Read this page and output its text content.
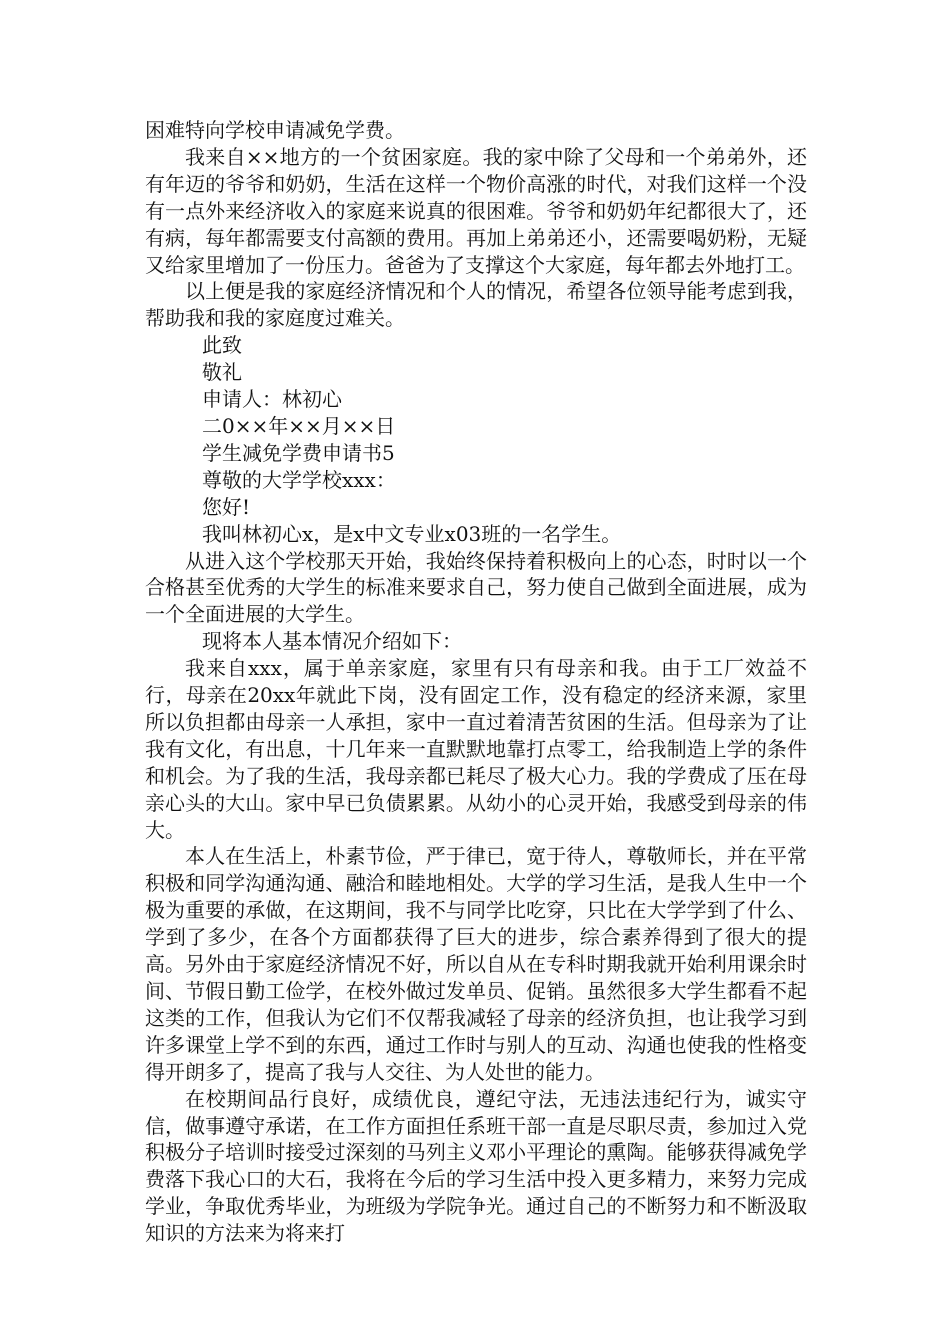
困难特向学校申请减免学费。

我来自××地方的一个贫困家庭。我的家中除了父母和一个弟弟外，还有年迈的爷爷和奶奶，生活在这样一个物价高涨的时代，对我们这样一个没有一点外来经济收入的家庭来说真的很困难。爷爷和奶奶年纪都很大了，还有病，每年都需要支付高额的费用。再加上弟弟还小，还需要喝奶粉，无疑又给家里增加了一份压力。爸爸为了支撑这个大家庭，每年都去外地打工。

以上便是我的家庭经济情况和个人的情况，希望各位领导能考虑到我，帮助我和我的家庭度过难关。

此致

敬礼

申请人：林初心

二0××年××月××日

学生减免学费申请书5

尊敬的大学学校xxx：

您好!

我叫林初心x，是x中文专业x03班的一名学生。

从进入这个学校那天开始，我始终保持着积极向上的心态，时时以一个合格甚至优秀的大学生的标准来要求自己，努力使自己做到全面进展，成为一个全面进展的大学生。

现将本人基本情况介绍如下：

我来自xxx，属于单亲家庭，家里有只有母亲和我。由于工厂效益不行，母亲在20xx年就此下岗，没有固定工作，没有稳定的经济来源，家里所以负担都由母亲一人承担，家中一直过着清苦贫困的生活。但母亲为了让我有文化，有出息，十几年来一直默默地靠打点零工，给我制造上学的条件和机会。为了我的生活，我母亲都已耗尽了极大心力。我的学费成了压在母亲心头的大山。家中早已负债累累。从幼小的心灵开始，我感受到母亲的伟大。

本人在生活上，朴素节俭，严于律已，宽于待人，尊敬师长，并在平常积极和同学沟通沟通、融洽和睦地相处。大学的学习生活，是我人生中一个极为重要的承做，在这期间，我不与同学比吃穿，只比在大学学到了什么、学到了多少，在各个方面都获得了巨大的进步，综合素养得到了很大的提高。另外由于家庭经济情况不好，所以自从在专科时期我就开始利用课余时间、节假日勤工俭学，在校外做过发单员、促销。虽然很多大学生都看不起这类的工作，但我认为它们不仅帮我减轻了母亲的经济负担，也让我学习到许多课堂上学不到的东西，通过工作时与别人的互动、沟通也使我的性格变得开朗多了，提高了我与人交往、为人处世的能力。

在校期间品行良好，成绩优良，遵纪守法，无违法违纪行为，诚实守信，做事遵守承诺，在工作方面担任系班干部一直是尽职尽责，参加过入党积极分子培训时接受过深刻的马列主义邓小平理论的熏陶。能够获得减免学费落下我心口的大石，我将在今后的学习生活中投入更多精力，来努力完成学业，争取优秀毕业，为班级为学院争光。通过自己的不断努力和不断汲取知识的方法来为将来打
